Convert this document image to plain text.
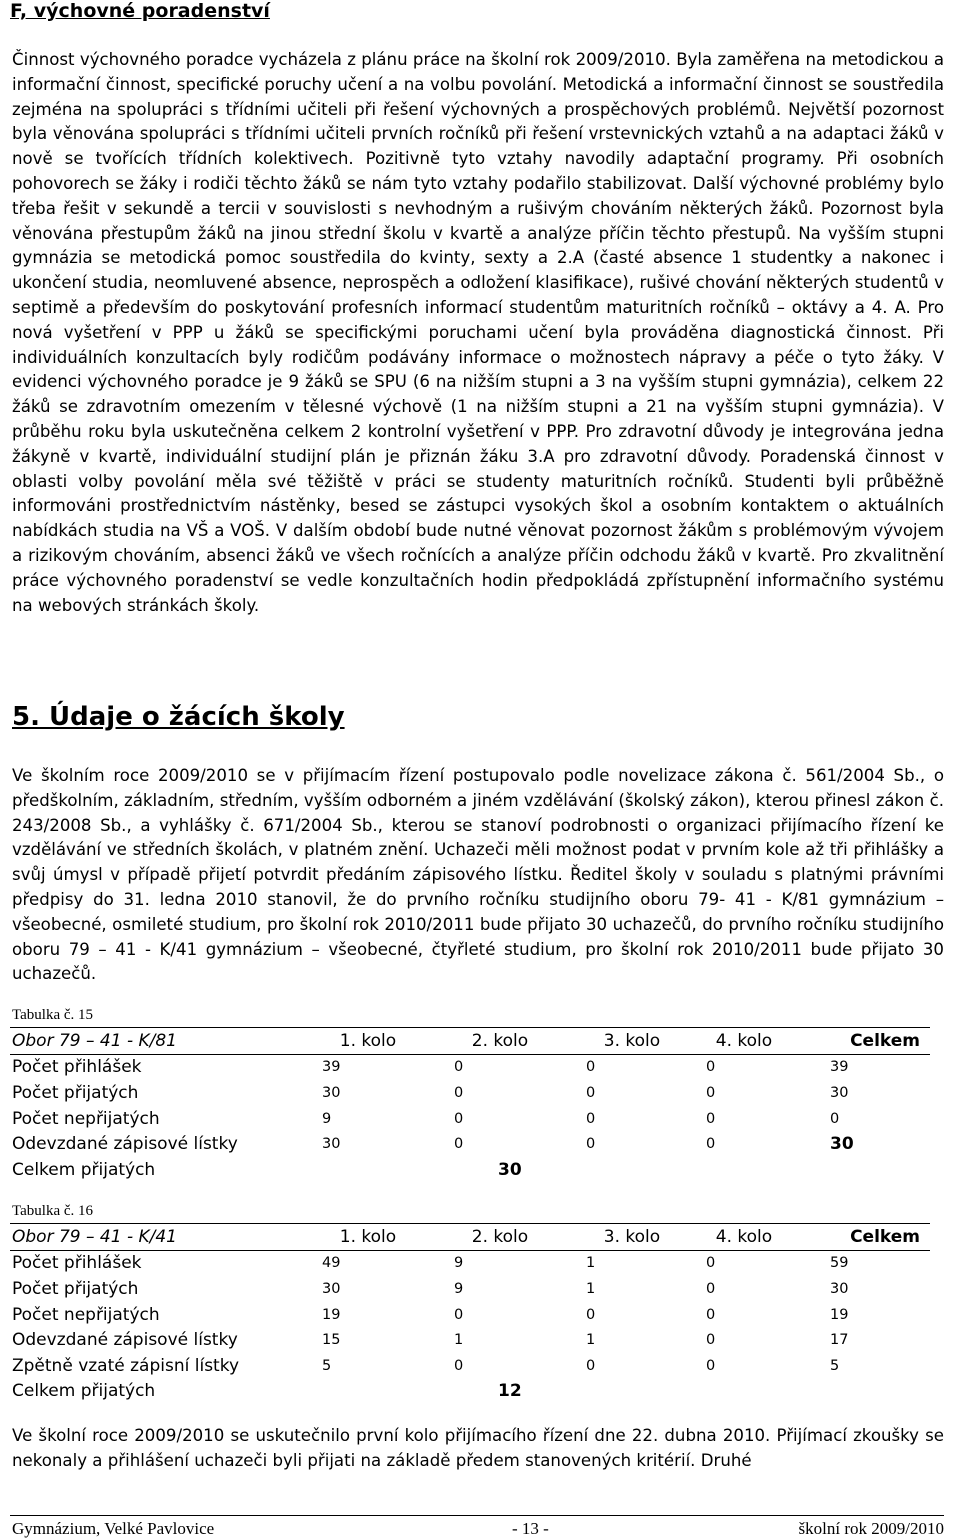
F, výchovné poradenství

Činnost výchovného poradce vycházela z plánu práce na školní rok 2009/2010. Byla zaměřena na metodickou a informační činnost, specifické poruchy učení a na volbu povolání. Metodická a informační činnost se soustředila zejména na spolupráci s třídními učiteli při řešení výchovných a prospěchových problémů. Největší pozornost byla věnována spolupráci s třídními učiteli prvních ročníků při řešení vrstevnických vztahů a na adaptaci žáků v nově se tvořících třídních kolektivech. Pozitivně tyto vztahy navodily adaptační programy. Při osobních pohovorech se žáky i rodiči těchto žáků se nám tyto vztahy podařilo stabilizovat. Další výchovné problémy bylo třeba řešit v sekundě a tercii v souvislosti s nevhodným a rušivým chováním některých žáků. Pozornost byla věnována přestupům žáků na jinou střední školu v kvartě a analýze příčin těchto přestupů. Na vyšším stupni gymnázia se metodická pomoc soustředila do kvinty, sexty a 2.A (časté absence 1 studentky a nakonec i ukončení studia, neomluvené absence, neprospěch a odložení klasifikace), rušivé chování některých studentů v septimě a především do poskytování profesních informací studentům maturitních ročníků – oktávy a 4. A. Pro nová vyšetření v PPP u žáků se specifickými poruchami učení byla prováděna diagnostická činnost. Při individuálních konzultacích byly rodičům podávány informace o možnostech nápravy a péče o tyto žáky. V evidenci výchovného poradce je 9 žáků se SPU (6 na nižším stupni a 3 na vyšším stupni gymnázia), celkem 22 žáků se zdravotním omezením v tělesné výchově (1 na nižším stupni a 21 na vyšším stupni gymnázia). V průběhu roku byla uskutečněna celkem 2 kontrolní vyšetření v PPP. Pro zdravotní důvody je integrována jedna žákyně v kvartě, individuální studijní plán je přiznán žáku 3.A pro zdravotní důvody. Poradenská činnost v oblasti volby povolání měla své těžiště v práci se studenty maturitních ročníků. Studenti byli průběžně informováni prostřednictvím nástěnky, besed se zástupci vysokých škol a osobním kontaktem o aktuálních nabídkách studia na VŠ a VOŠ. V dalším období bude nutné věnovat pozornost žákům s problémovým vývojem a rizikovým chováním, absenci žáků ve všech ročnících a analýze příčin odchodu žáků v kvartě. Pro zkvalitnění práce výchovného poradenství se vedle konzultačních hodin předpokládá zpřístupnění informačního systému na webových stránkách školy.

5. Údaje o žácích školy

Ve školním roce 2009/2010 se v přijímacím řízení postupovalo podle novelizace zákona č. 561/2004 Sb., o předškolním, základním, středním, vyšším odborném a jiném vzdělávání (školský zákon), kterou přinesl zákon č. 243/2008 Sb., a vyhlášky č. 671/2004 Sb., kterou se stanoví podrobnosti o organizaci přijímacího řízení ke vzdělávání ve středních školách, v platném znění. Uchazeči měli možnost podat v prvním kole až tři přihlášky a svůj úmysl v případě přijetí potvrdit předáním zápisového lístku. Ředitel školy v souladu s platnými právními předpisy do 31. ledna 2010 stanovil, že do prvního ročníku studijního oboru 79- 41 - K/81 gymnázium – všeobecné, osmileté studium, pro školní rok 2010/2011 bude přijato 30 uchazečů, do prvního ročníku studijního oboru 79 – 41 - K/41 gymnázium – všeobecné, čtyřleté studium, pro školní rok 2010/2011 bude přijato 30 uchazečů.

Tabulka č. 15
Obor 79 – 41 - K/81	1. kolo	2. kolo	3. kolo	4. kolo	Celkem
Počet přihlášek	39	0	0	0	39
Počet přijatých	30	0	0	0	30
Počet nepřijatých	9	0	0	0	0
Odevzdané zápisové lístky	30	0	0	0	30
Celkem přijatých	30				
Tabulka č. 16
Obor 79 – 41 - K/41	1. kolo	2. kolo	3. kolo	4. kolo	Celkem
Počet přihlášek	49	9	1	0	59
Počet přijatých	30	9	1	0	30
Počet nepřijatých	19	0	0	0	19
Odevzdané zápisové lístky	15	1	1	0	17
Zpětně vzaté zápisní lístky	5	0	0	0	5
Celkem přijatých	12				

Ve školní roce 2009/2010 se uskutečnilo první kolo přijímacího řízení dne 22. dubna 2010. Přijímací zkoušky se nekonaly a přihlášení uchazeči byli přijati na základě předem stanovených kritérií. Druhé

Gymnázium, Velké Pavlovice	- 13 -	školní rok 2009/2010
